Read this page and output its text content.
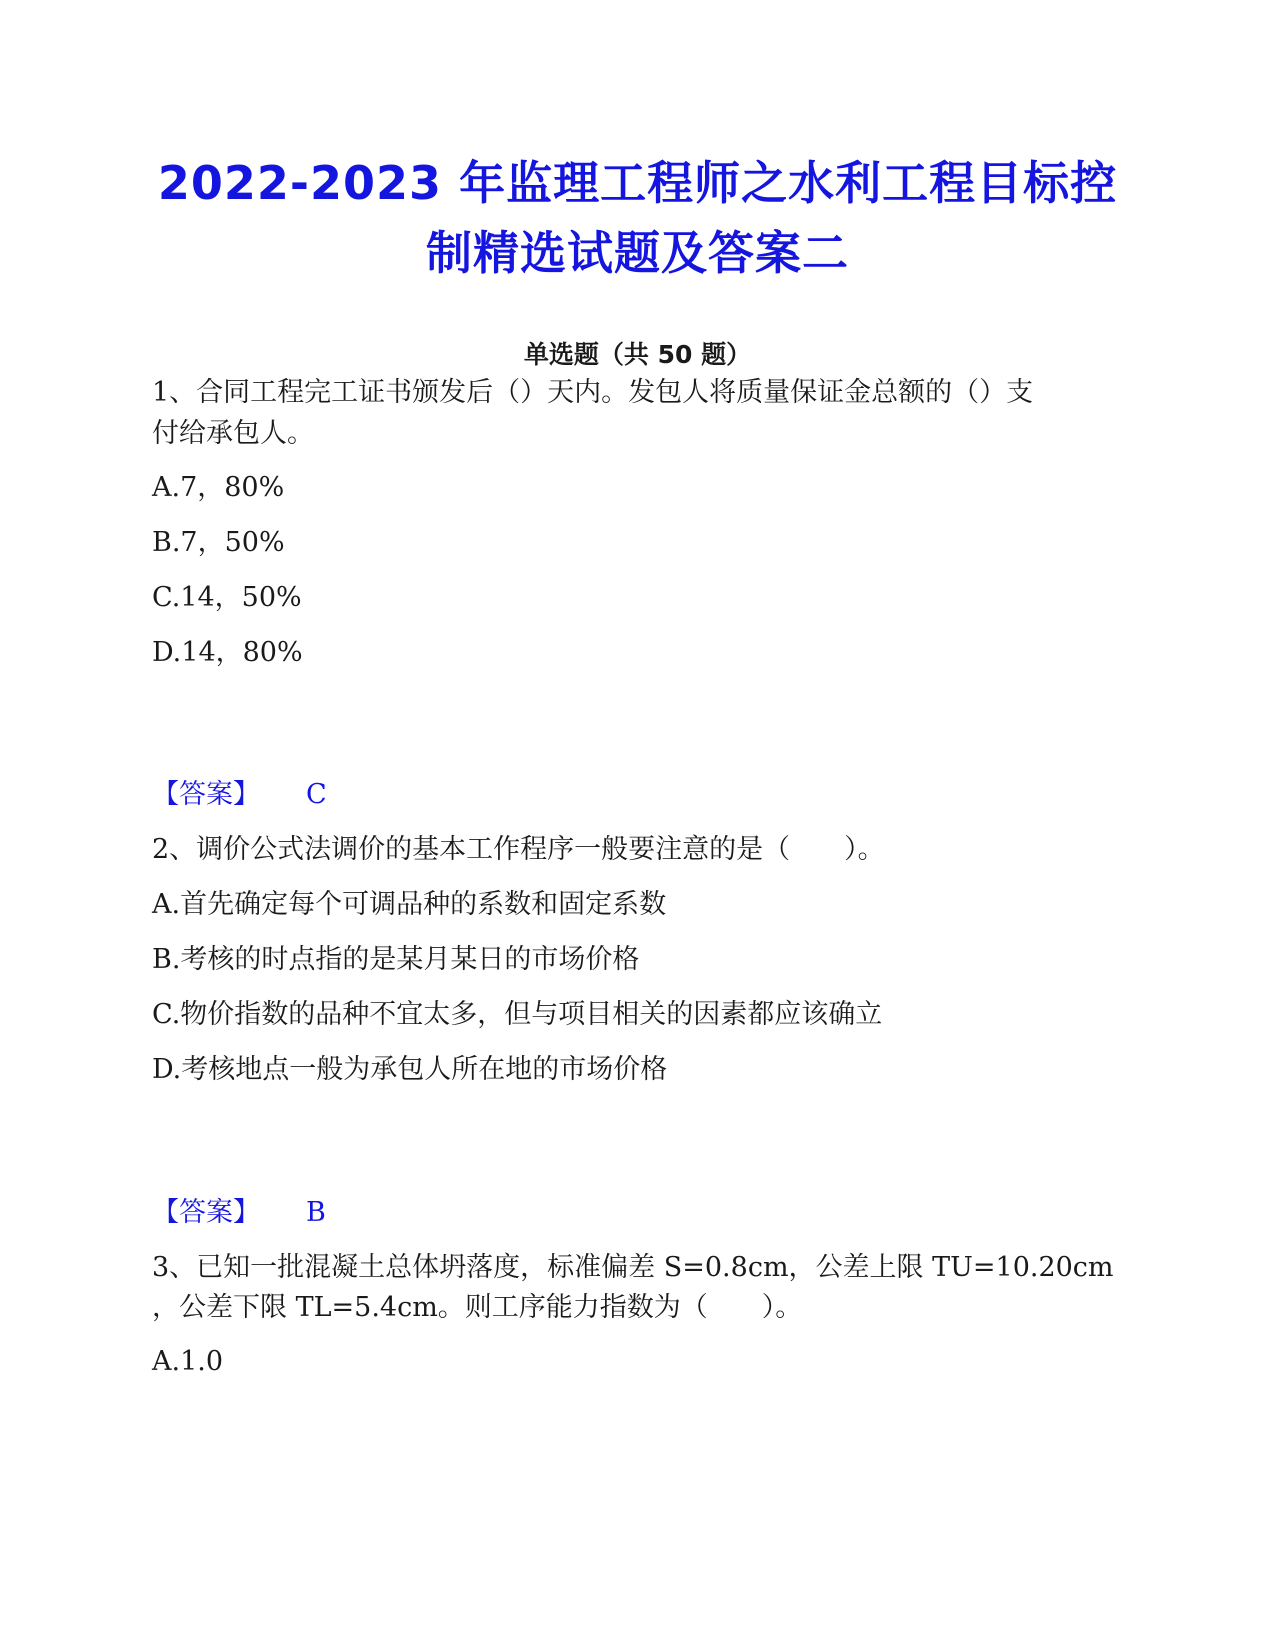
2022-2023 年监理工程师之水利工程目标控
制精选试题及答案二
单选题（共 50 题）
1、合同工程完工证书颁发后（）天内。发包人将质量保证金总额的（）支
付给承包人。
A.7，80%
B.7，50%
C.14，50%
D.14，80%
【答案】 C
2、调价公式法调价的基本工作程序一般要注意的是（　　）。
A.首先确定每个可调品种的系数和固定系数
B.考核的时点指的是某月某日的市场价格
C.物价指数的品种不宜太多，但与项目相关的因素都应该确立
D.考核地点一般为承包人所在地的市场价格
【答案】 B
3、已知一批混凝土总体坍落度，标准偏差 S=0.8cm，公差上限 TU=10.20cm
，公差下限 TL=5.4cm。则工序能力指数为（　　）。
A.1.0
